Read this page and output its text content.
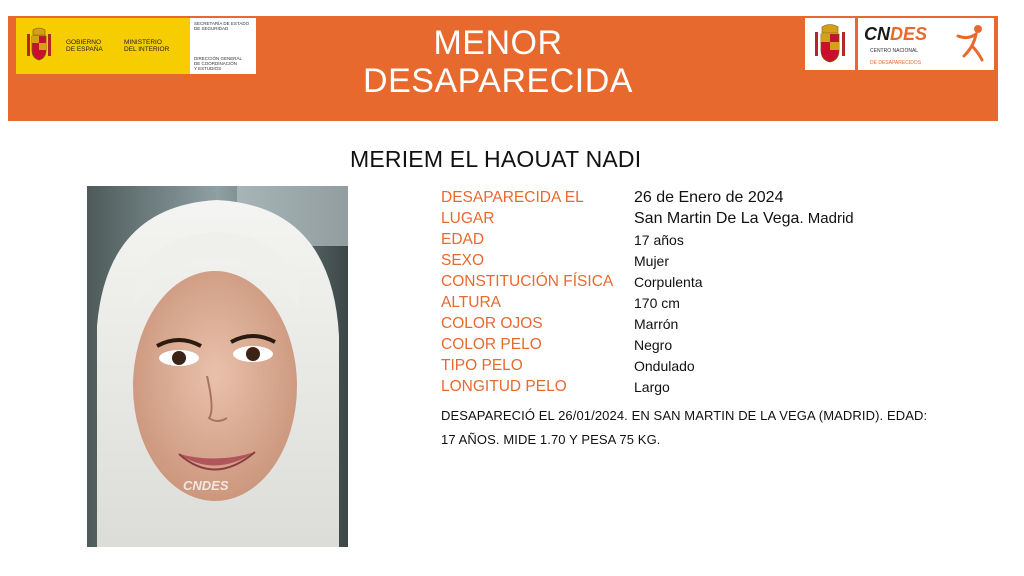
GOBIERNO
DE ESPAÑA
MINISTERIO
DEL INTERIOR
SECRETARÍA DE ESTADO
DE SEGURIDAD
DIRECCIÓN GENERAL
DE COORDINACIÓN
Y ESTUDIOS
MENOR
DESAPARECIDA
CNDES
CENTRO NACIONAL
DE DESAPARECIDOS
MERIEM EL HAOUAT NADI
CNDES
DESAPARECIDA EL	26 de Enero de 2024
LUGAR	San Martin De La Vega. Madrid
EDAD	17 años
SEXO	Mujer
CONSTITUCIÓN FÍSICA	Corpulenta
ALTURA	170 cm
COLOR OJOS	Marrón
COLOR PELO	Negro
TIPO PELO	Ondulado
LONGITUD PELO	Largo
DESAPARECIÓ EL 26/01/2024. EN SAN MARTIN DE LA VEGA (MADRID). EDAD:
17 AÑOS. MIDE 1.70 Y PESA 75 KG.
